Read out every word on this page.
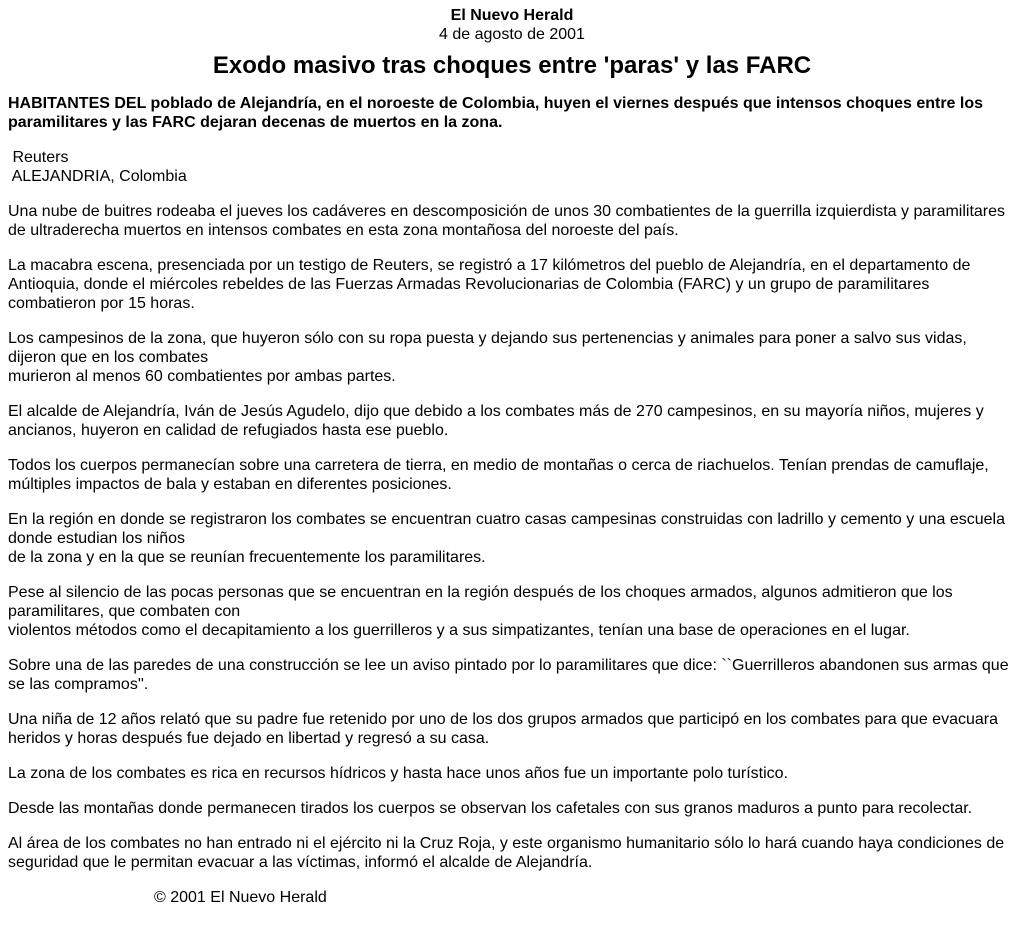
El Nuevo Herald
4 de agosto de 2001
Exodo masivo tras choques entre 'paras' y las FARC
HABITANTES DEL poblado de Alejandría, en el noroeste de Colombia, huyen el viernes después que intensos choques entre los paramilitares y las FARC dejaran decenas de muertos en la zona.
Reuters
ALEJANDRIA, Colombia
Una nube de buitres rodeaba el jueves los cadáveres en descomposición de unos 30 combatientes de la guerrilla izquierdista y paramilitares de ultraderecha muertos en intensos combates en esta zona montañosa del noroeste del país.
La macabra escena, presenciada por un testigo de Reuters, se registró a 17 kilómetros del pueblo de Alejandría, en el departamento de Antioquia, donde el miércoles rebeldes de las Fuerzas Armadas Revolucionarias de Colombia (FARC) y un grupo de paramilitares combatieron por 15 horas.
Los campesinos de la zona, que huyeron sólo con su ropa puesta y dejando sus pertenencias y animales para poner a salvo sus vidas, dijeron que en los combates
murieron al menos 60 combatientes por ambas partes.
El alcalde de Alejandría, Iván de Jesús Agudelo, dijo que debido a los combates más de 270 campesinos, en su mayoría niños, mujeres y ancianos, huyeron en calidad de refugiados hasta ese pueblo.
Todos los cuerpos permanecían sobre una carretera de tierra, en medio de montañas o cerca de riachuelos. Tenían prendas de camuflaje, múltiples impactos de bala y estaban en diferentes posiciones.
En la región en donde se registraron los combates se encuentran cuatro casas campesinas construidas con ladrillo y cemento y una escuela donde estudian los niños
de la zona y en la que se reunían frecuentemente los paramilitares.
Pese al silencio de las pocas personas que se encuentran en la región después de los choques armados, algunos admitieron que los paramilitares, que combaten con
violentos métodos como el decapitamiento a los guerrilleros y a sus simpatizantes, tenían una base de operaciones en el lugar.
Sobre una de las paredes de una construcción se lee un aviso pintado por lo paramilitares que dice: ``Guerrilleros abandonen sus armas que se las compramos''.
Una niña de 12 años relató que su padre fue retenido por uno de los dos grupos armados que participó en los combates para que evacuara heridos y horas después fue dejado en libertad y regresó a su casa.
La zona de los combates es rica en recursos hídricos y hasta hace unos años fue un importante polo turístico.
Desde las montañas donde permanecen tirados los cuerpos se observan los cafetales con sus granos maduros a punto para recolectar.
Al área de los combates no han entrado ni el ejército ni la Cruz Roja, y este organismo humanitario sólo lo hará cuando haya condiciones de seguridad que le permitan evacuar a las víctimas, informó el alcalde de Alejandría.
© 2001 El Nuevo Herald
